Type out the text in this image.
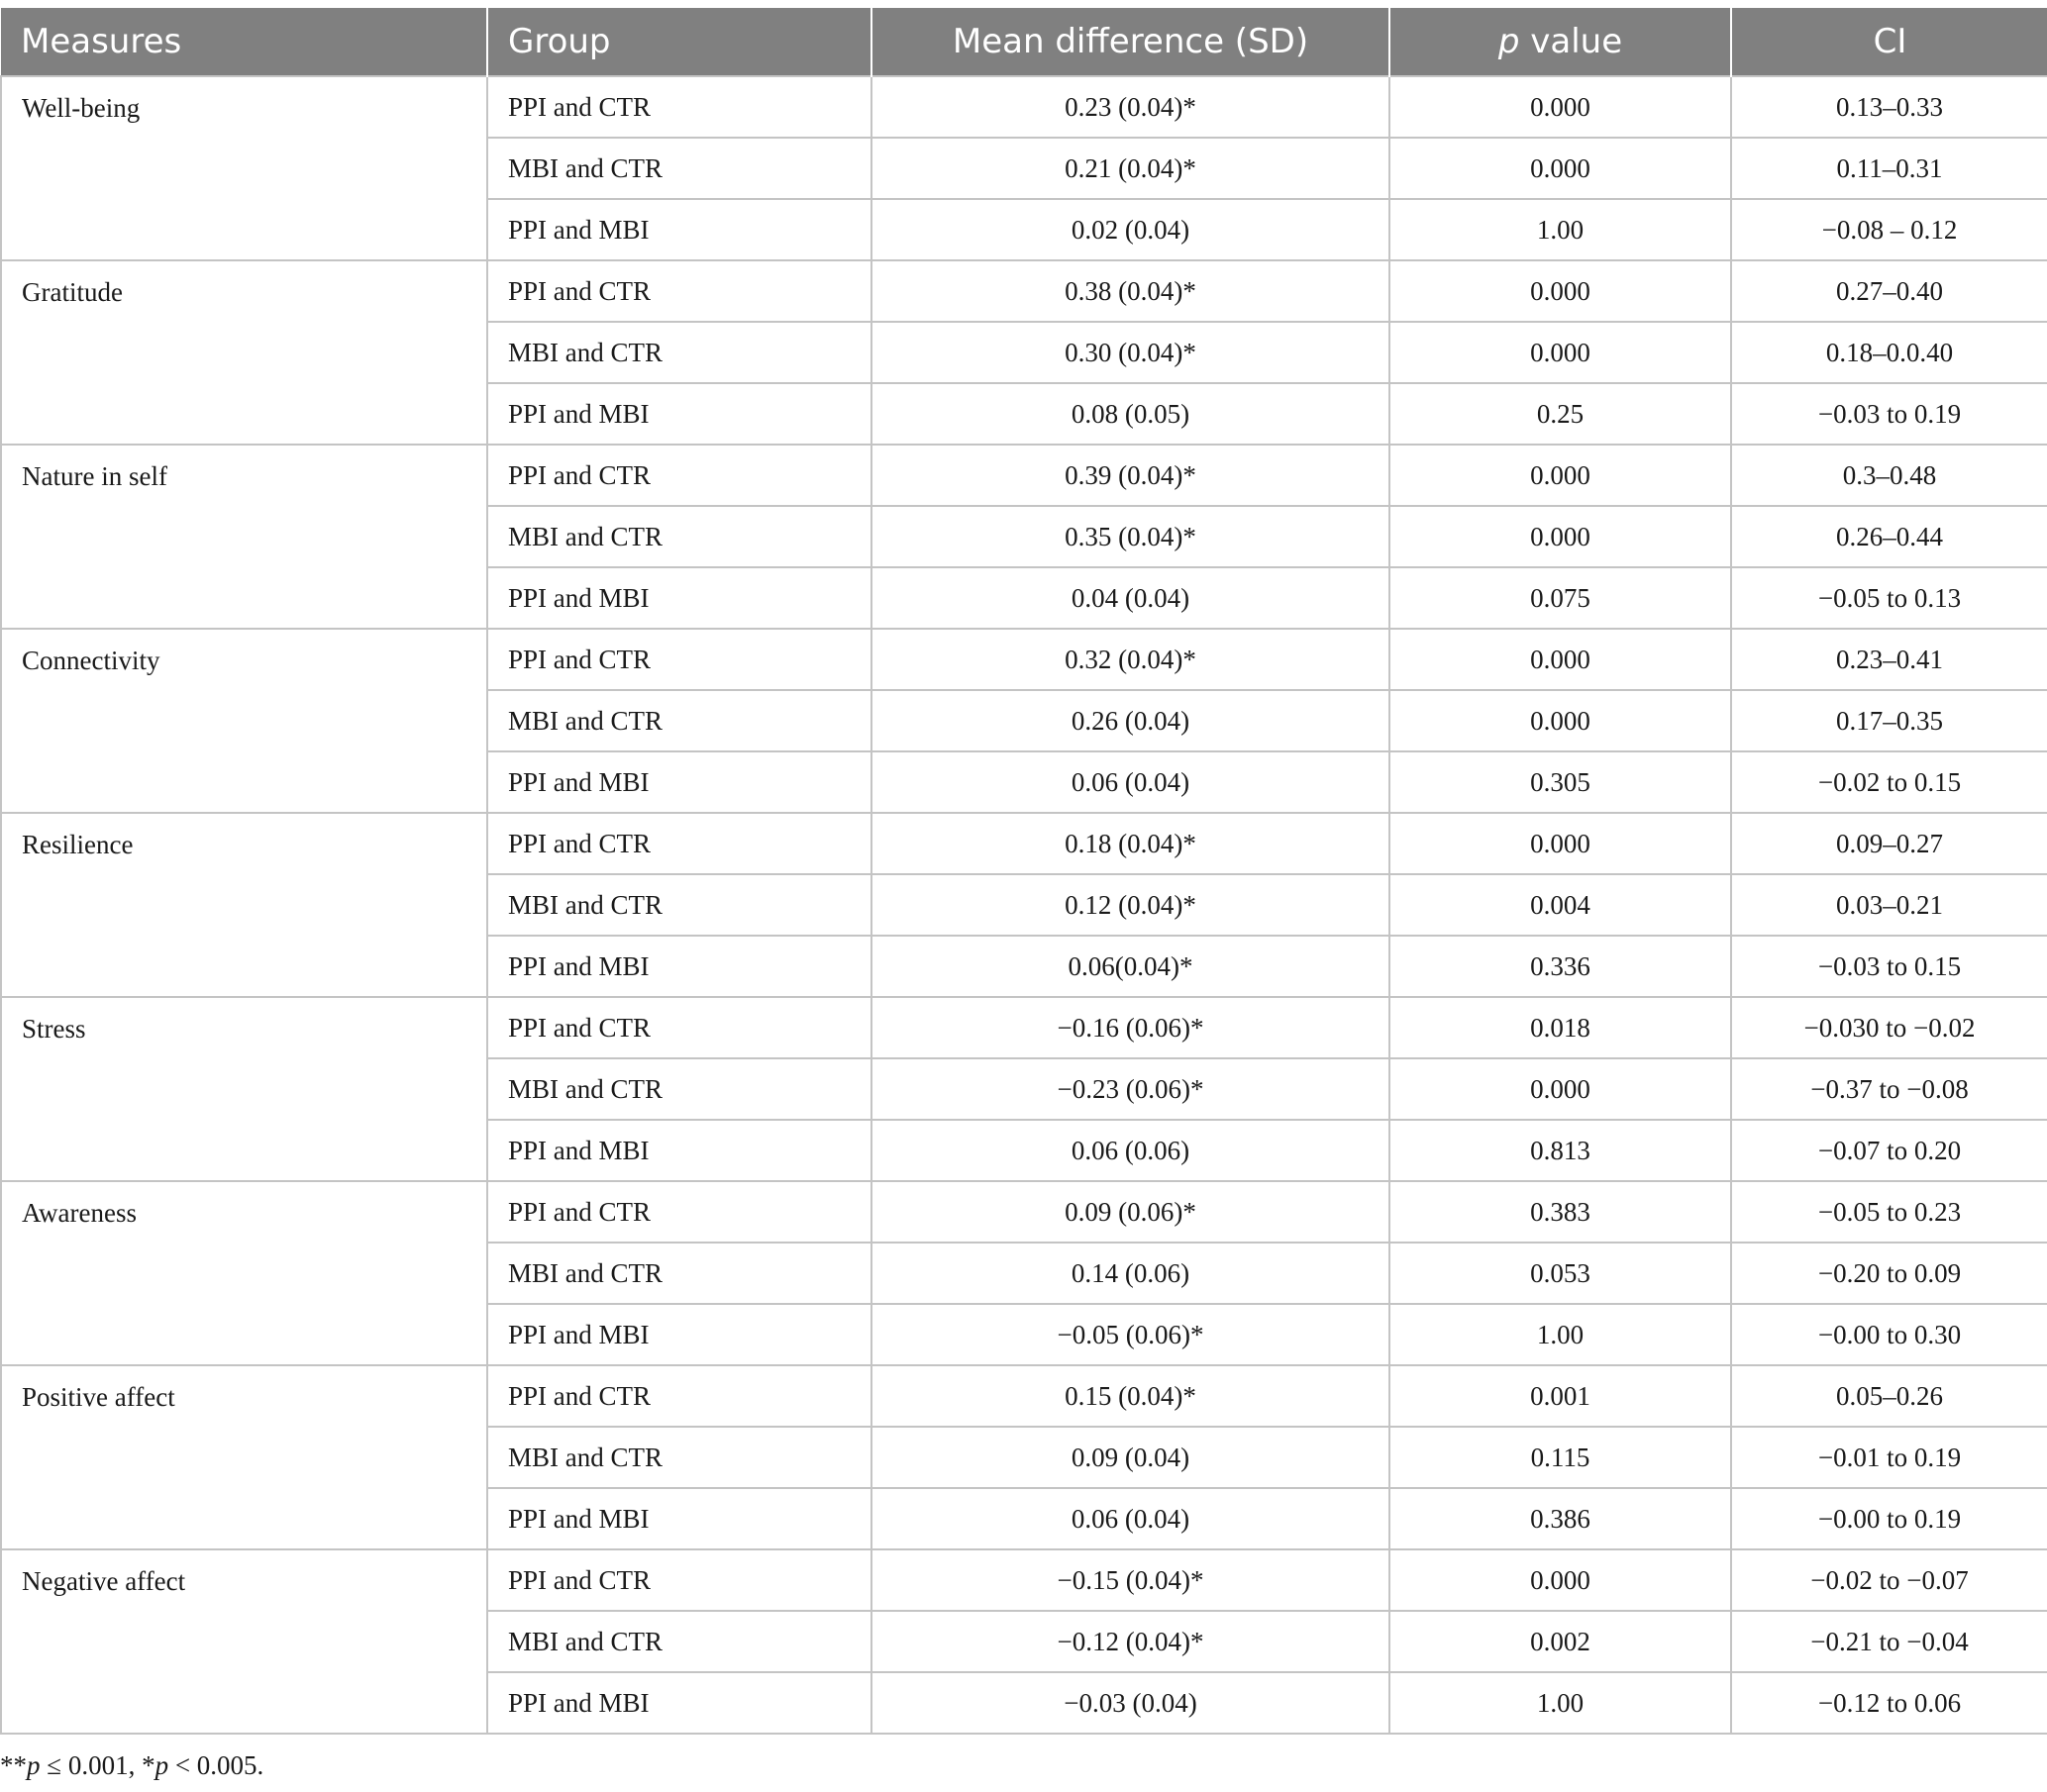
Measures	Group	Mean difference (SD)	p value	CI
Well-being	PPI and CTR	0.23 (0.04)*	0.000	0.13–0.33
	MBI and CTR	0.21 (0.04)*	0.000	0.11–0.31
	PPI and MBI	0.02 (0.04)	1.00	−0.08 – 0.12
Gratitude	PPI and CTR	0.38 (0.04)*	0.000	0.27–0.40
	MBI and CTR	0.30 (0.04)*	0.000	0.18–0.0.40
	PPI and MBI	0.08 (0.05)	0.25	−0.03 to 0.19
Nature in self	PPI and CTR	0.39 (0.04)*	0.000	0.3–0.48
	MBI and CTR	0.35 (0.04)*	0.000	0.26–0.44
	PPI and MBI	0.04 (0.04)	0.075	−0.05 to 0.13
Connectivity	PPI and CTR	0.32 (0.04)*	0.000	0.23–0.41
	MBI and CTR	0.26 (0.04)	0.000	0.17–0.35
	PPI and MBI	0.06 (0.04)	0.305	−0.02 to 0.15
Resilience	PPI and CTR	0.18 (0.04)*	0.000	0.09–0.27
	MBI and CTR	0.12 (0.04)*	0.004	0.03–0.21
	PPI and MBI	0.06(0.04)*	0.336	−0.03 to 0.15
Stress	PPI and CTR	−0.16 (0.06)*	0.018	−0.030 to −0.02
	MBI and CTR	−0.23 (0.06)*	0.000	−0.37 to −0.08
	PPI and MBI	0.06 (0.06)	0.813	−0.07 to 0.20
Awareness	PPI and CTR	0.09 (0.06)*	0.383	−0.05 to 0.23
	MBI and CTR	0.14 (0.06)	0.053	−0.20 to 0.09
	PPI and MBI	−0.05 (0.06)*	1.00	−0.00 to 0.30
Positive affect	PPI and CTR	0.15 (0.04)*	0.001	0.05–0.26
	MBI and CTR	0.09 (0.04)	0.115	−0.01 to 0.19
	PPI and MBI	0.06 (0.04)	0.386	−0.00 to 0.19
Negative affect	PPI and CTR	−0.15 (0.04)*	0.000	−0.02 to −0.07
	MBI and CTR	−0.12 (0.04)*	0.002	−0.21 to −0.04
	PPI and MBI	−0.03 (0.04)	1.00	−0.12 to 0.06
**p ≤ 0.001, *p < 0.005.
